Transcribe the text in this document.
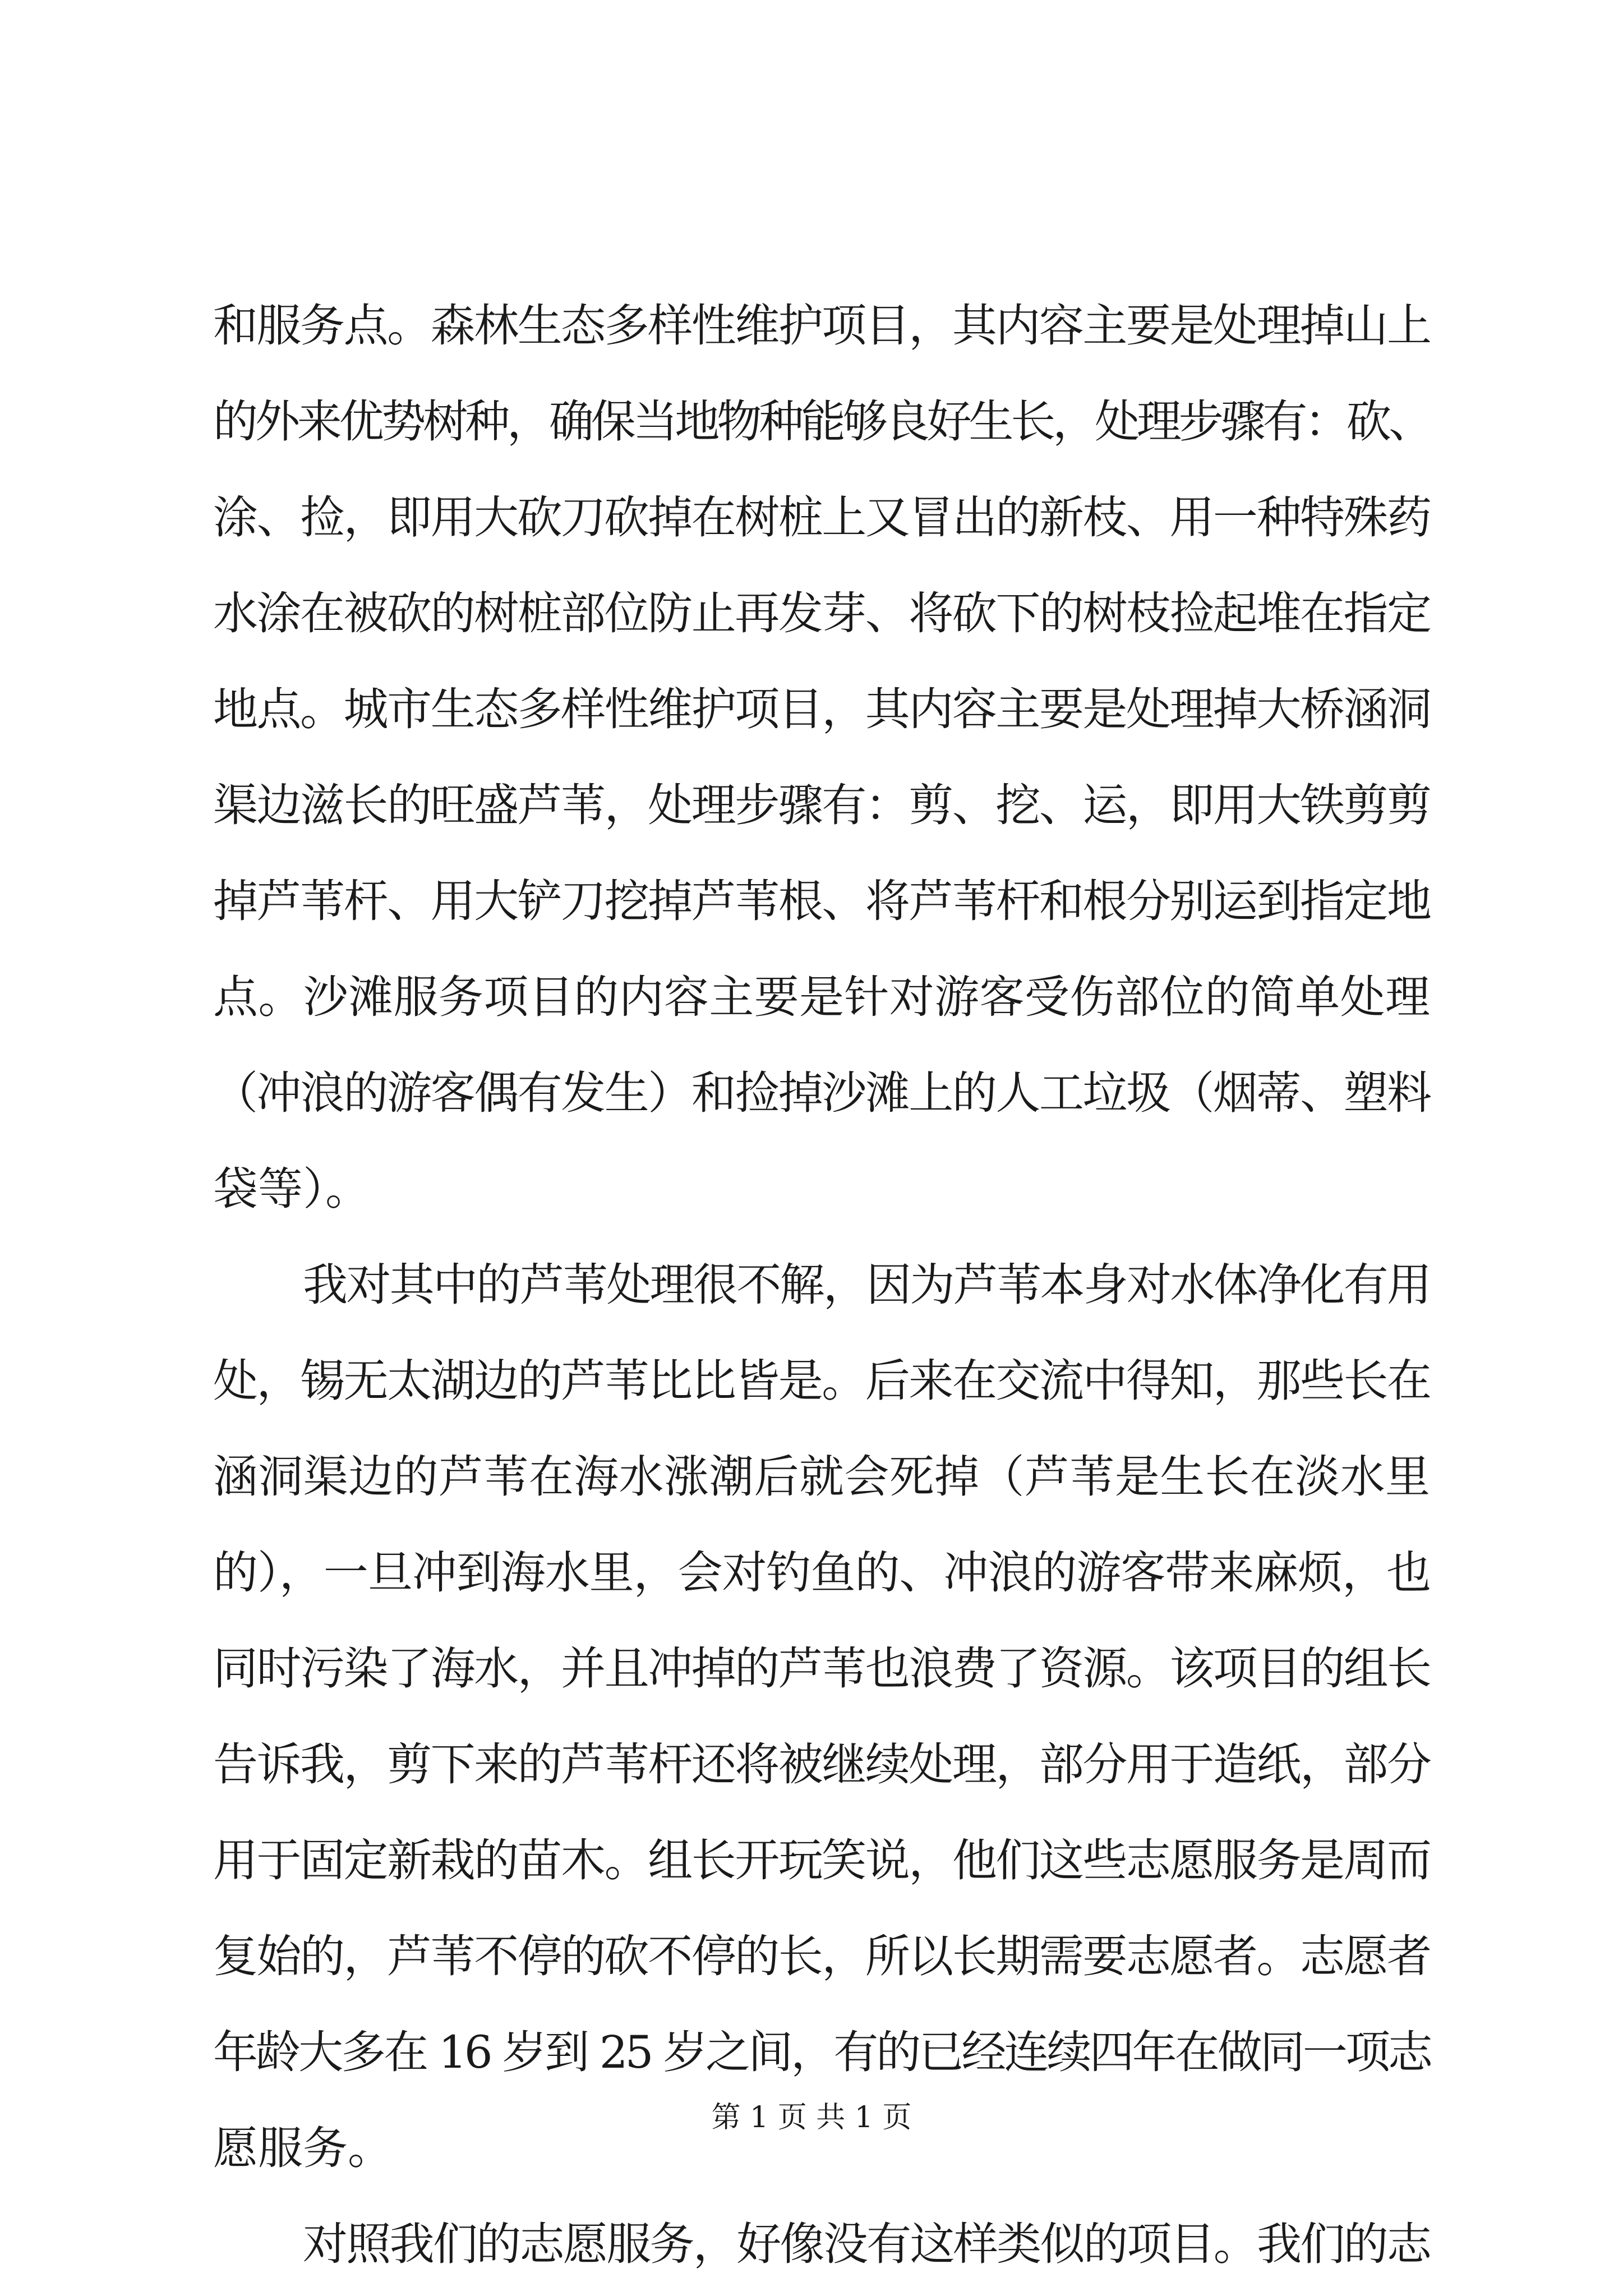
和服务点。森林生态多样性维护项目，其内容主要是处理掉山上
的外来优势树种，确保当地物种能够良好生长，处理步骤有：砍、
涂、捡，即用大砍刀砍掉在树桩上又冒出的新枝、用一种特殊药
水涂在被砍的树桩部位防止再发芽、将砍下的树枝捡起堆在指定
地点。城市生态多样性维护项目，其内容主要是处理掉大桥涵洞
渠边滋长的旺盛芦苇，处理步骤有：剪、挖、运，即用大铁剪剪
掉芦苇杆、用大铲刀挖掉芦苇根、将芦苇杆和根分别运到指定地
点。沙滩服务项目的内容主要是针对游客受伤部位的简单处理
（冲浪的游客偶有发生）和捡掉沙滩上的人工垃圾（烟蒂、塑料
袋等）。
我对其中的芦苇处理很不解，因为芦苇本身对水体净化有用
处，锡无太湖边的芦苇比比皆是。后来在交流中得知，那些长在
涵洞渠边的芦苇在海水涨潮后就会死掉（芦苇是生长在淡水里
的），一旦冲到海水里，会对钓鱼的、冲浪的游客带来麻烦，也
同时污染了海水，并且冲掉的芦苇也浪费了资源。该项目的组长
告诉我，剪下来的芦苇杆还将被继续处理，部分用于造纸，部分
用于固定新栽的苗木。组长开玩笑说，他们这些志愿服务是周而
复始的，芦苇不停的砍不停的长，所以长期需要志愿者。志愿者
年龄大多在 16 岁到 25 岁之间，有的已经连续四年在做同一项志
愿服务。
对照我们的志愿服务，好像没有这样类似的项目。我们的志
第 1 页 共 1 页
